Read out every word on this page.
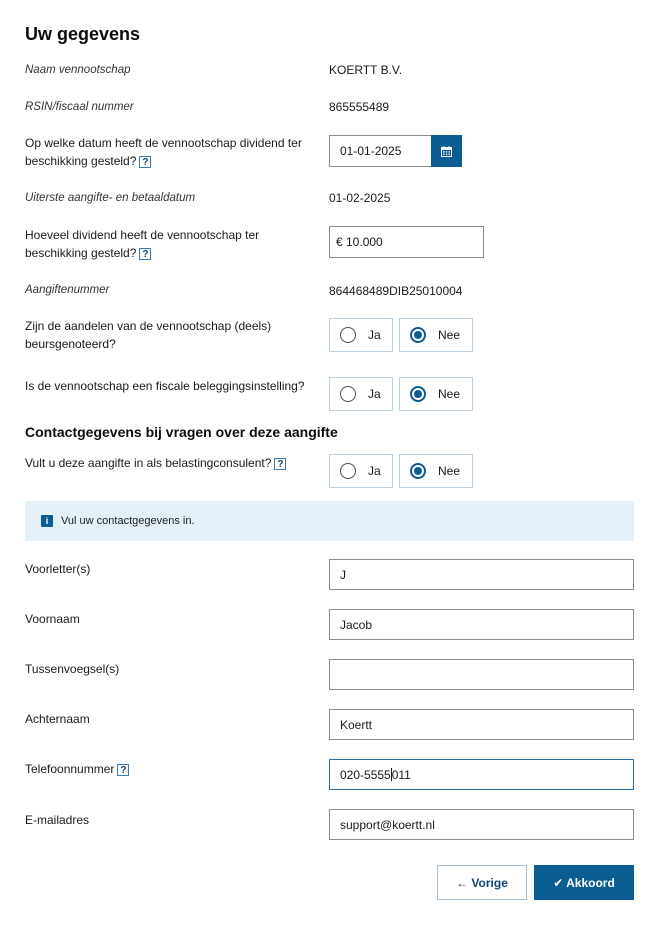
Uw gegevens
Naam vennootschap	KOERTT B.V.
RSIN/fiscaal nummer	865555489
Op welke datum heeft de vennootschap dividend ter beschikking gesteld? ?
01-01-2025
Uiterste aangifte- en betaaldatum	01-02-2025
Hoeveel dividend heeft de vennootschap ter beschikking gesteld? ?
€ 10.000
Aangiftenummer	864468489DIB25010004
Zijn de aandelen van de vennootschap (deels) beursgenoteerd?
Ja	Nee
Is de vennootschap een fiscale beleggingsinstelling?
Ja	Nee
Contactgegevens bij vragen over deze aangifte
Vult u deze aangifte in als belastingconsulent? ?	Ja	Nee
i	Vul uw contactgegevens in.
Voorletter(s)	J
Voornaam	Jacob
Tussenvoegsel(s)
Achternaam	Koertt
Telefoonnummer ?	020-5555 011
E-mailadres	support@koertt.nl
← Vorige	✔ Akkoord
